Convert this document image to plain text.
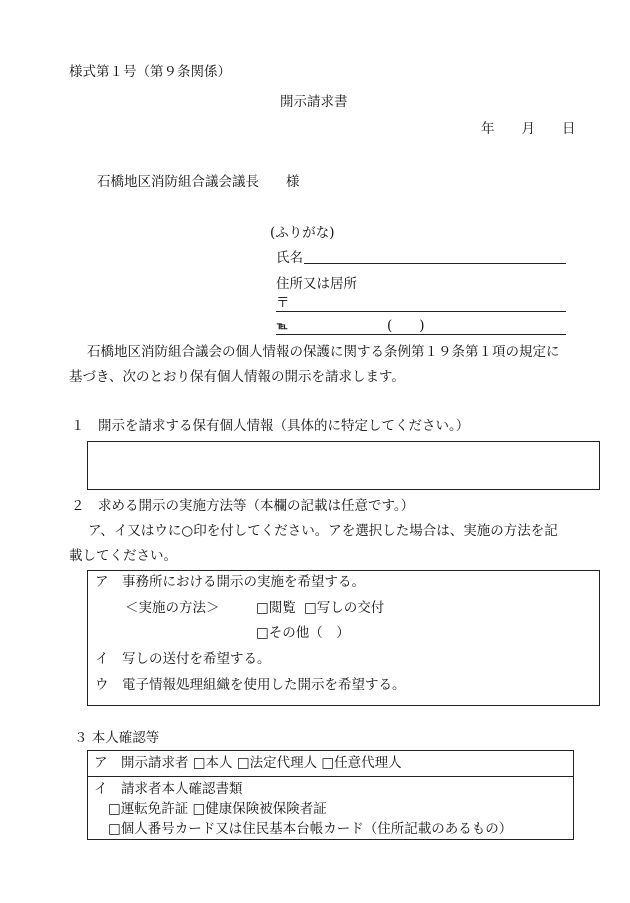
様式第１号（第９条関係）
開示請求書
年　　月　　日
石橋地区消防組合議会議長　　様
(ふりがな)
氏名
住所又は居所
〒
℡	(　　)
石橋地区消防組合議会の個人情報の保護に関する条例第１９条第１項の規定に
基づき、次のとおり保有個人情報の開示を請求します。
１　開示を請求する保有個人情報（具体的に特定してください。）
２　求める開示の実施方法等（本欄の記載は任意です。）
ア、イ又はウに○印を付してください。アを選択した場合は、実施の方法を記
載してください。
ア　事務所における開示の実施を希望する。
＜実施の方法＞	□閲覧 □写しの交付
□その他（　）
イ　写しの送付を希望する。
ウ　電子情報処理組織を使用した開示を希望する。
３ 本人確認等
ア　開示請求者 □本人 □法定代理人 □任意代理人
イ　請求者本人確認書類
□運転免許証 □健康保険被保険者証
□個人番号カード又は住民基本台帳カード（住所記載のあるもの）
